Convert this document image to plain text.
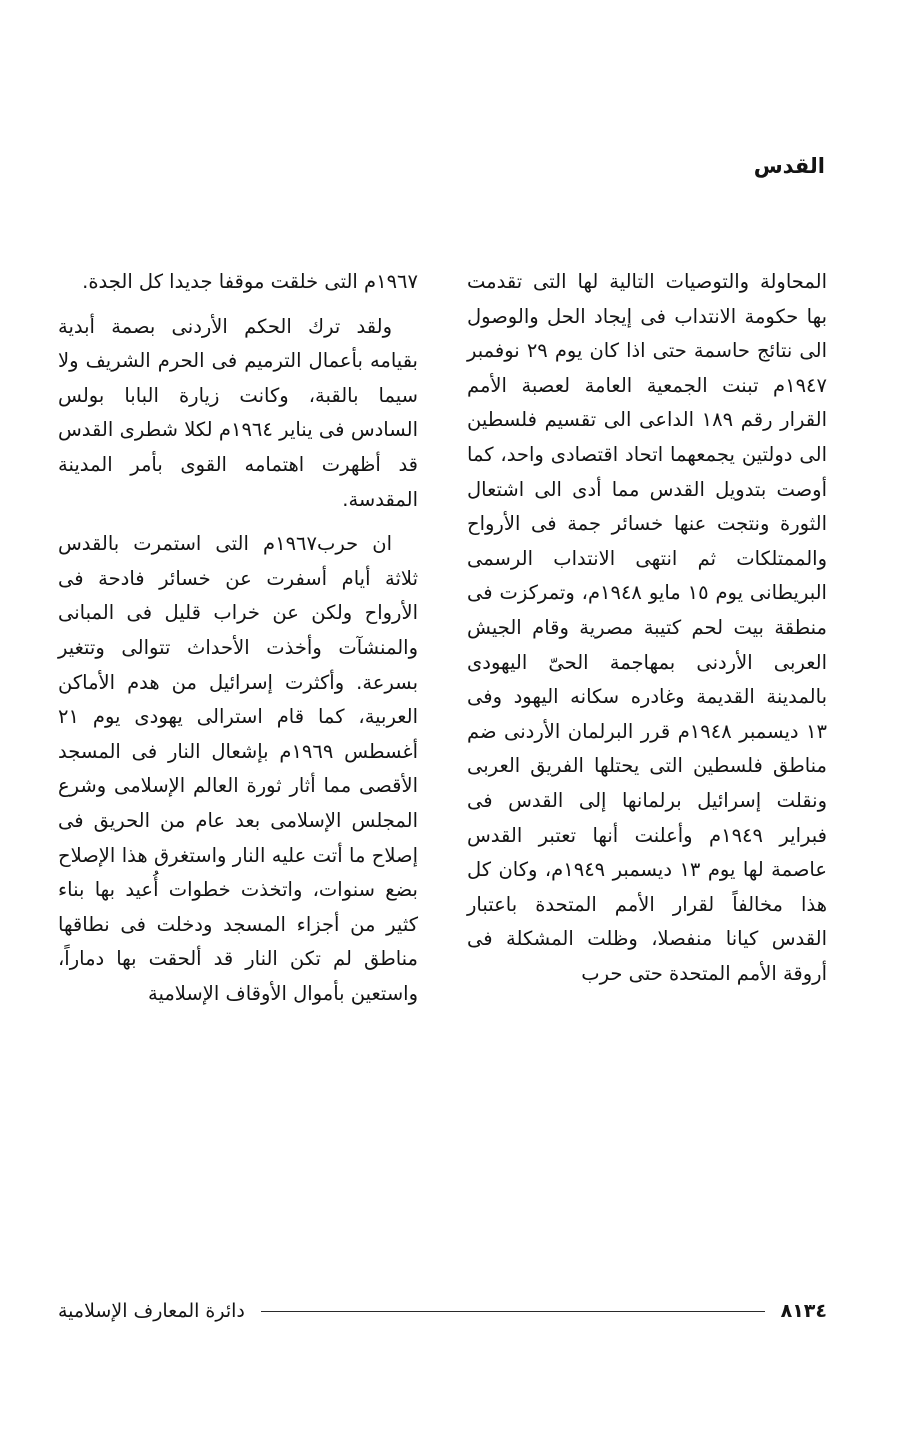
القدس

المحاولة والتوصيات التالية لها التى تقدمت بها حكومة الانتداب فى إيجاد الحل والوصول الى نتائج حاسمة حتى اذا كان يوم ٢٩ نوفمبر ١٩٤٧م تبنت الجمعية العامة لعصبة الأمم القرار رقم ١٨٩ الداعى الى تقسيم فلسطين الى دولتين يجمعهما اتحاد اقتصادى واحد، كما أوصت بتدويل القدس مما أدى الى اشتعال الثورة ونتجت عنها خسائر جمة فى الأرواح والممتلكات ثم انتهى الانتداب الرسمى البريطانى يوم ١٥ مايو ١٩٤٨م، وتمركزت فى منطقة بيت لحم كتيبة مصرية وقام الجيش العربى الأردنى بمهاجمة الحىّ اليهودى بالمدينة القديمة وغادره سكانه اليهود وفى ١٣ ديسمبر ١٩٤٨م قرر البرلمان الأردنى ضم مناطق فلسطين التى يحتلها الفريق العربى ونقلت إسرائيل برلمانها إلى القدس فى فبراير ١٩٤٩م وأعلنت أنها تعتبر القدس عاصمة لها يوم ١٣ ديسمبر ١٩٤٩م، وكان كل هذا مخالفاً لقرار الأمم المتحدة باعتبار القدس كيانا منفصلا، وظلت المشكلة فى أروقة الأمم المتحدة حتى حرب

١٩٦٧م التى خلقت موقفا جديدا كل الجدة.

ولقد ترك الحكم الأردنى بصمة أبدية بقيامه بأعمال الترميم فى الحرم الشريف ولا سيما بالقبة، وكانت زيارة البابا بولس السادس فى يناير ١٩٦٤م لكلا شطرى القدس قد أظهرت اهتمامه القوى بأمر المدينة المقدسة.

ان حرب١٩٦٧م التى استمرت بالقدس ثلاثة أيام أسفرت عن خسائر فادحة فى الأرواح ولكن عن خراب قليل فى المبانى والمنشآت وأخذت الأحداث تتوالى وتتغير بسرعة. وأكثرت إسرائيل من هدم الأماكن العربية، كما قام استرالى يهودى يوم ٢١ أغسطس ١٩٦٩م بإشعال النار فى المسجد الأقصى مما أثار ثورة العالم الإسلامى وشرع المجلس الإسلامى بعد عام من الحريق فى إصلاح ما أتت عليه النار واستغرق هذا الإصلاح بضع سنوات، واتخذت خطوات أُعيد بها بناء كثير من أجزاء المسجد ودخلت فى نطاقها مناطق لم تكن النار قد ألحقت بها دماراً، واستعين بأموال الأوقاف الإسلامية

٨١٣٤
دائرة المعارف الإسلامية
